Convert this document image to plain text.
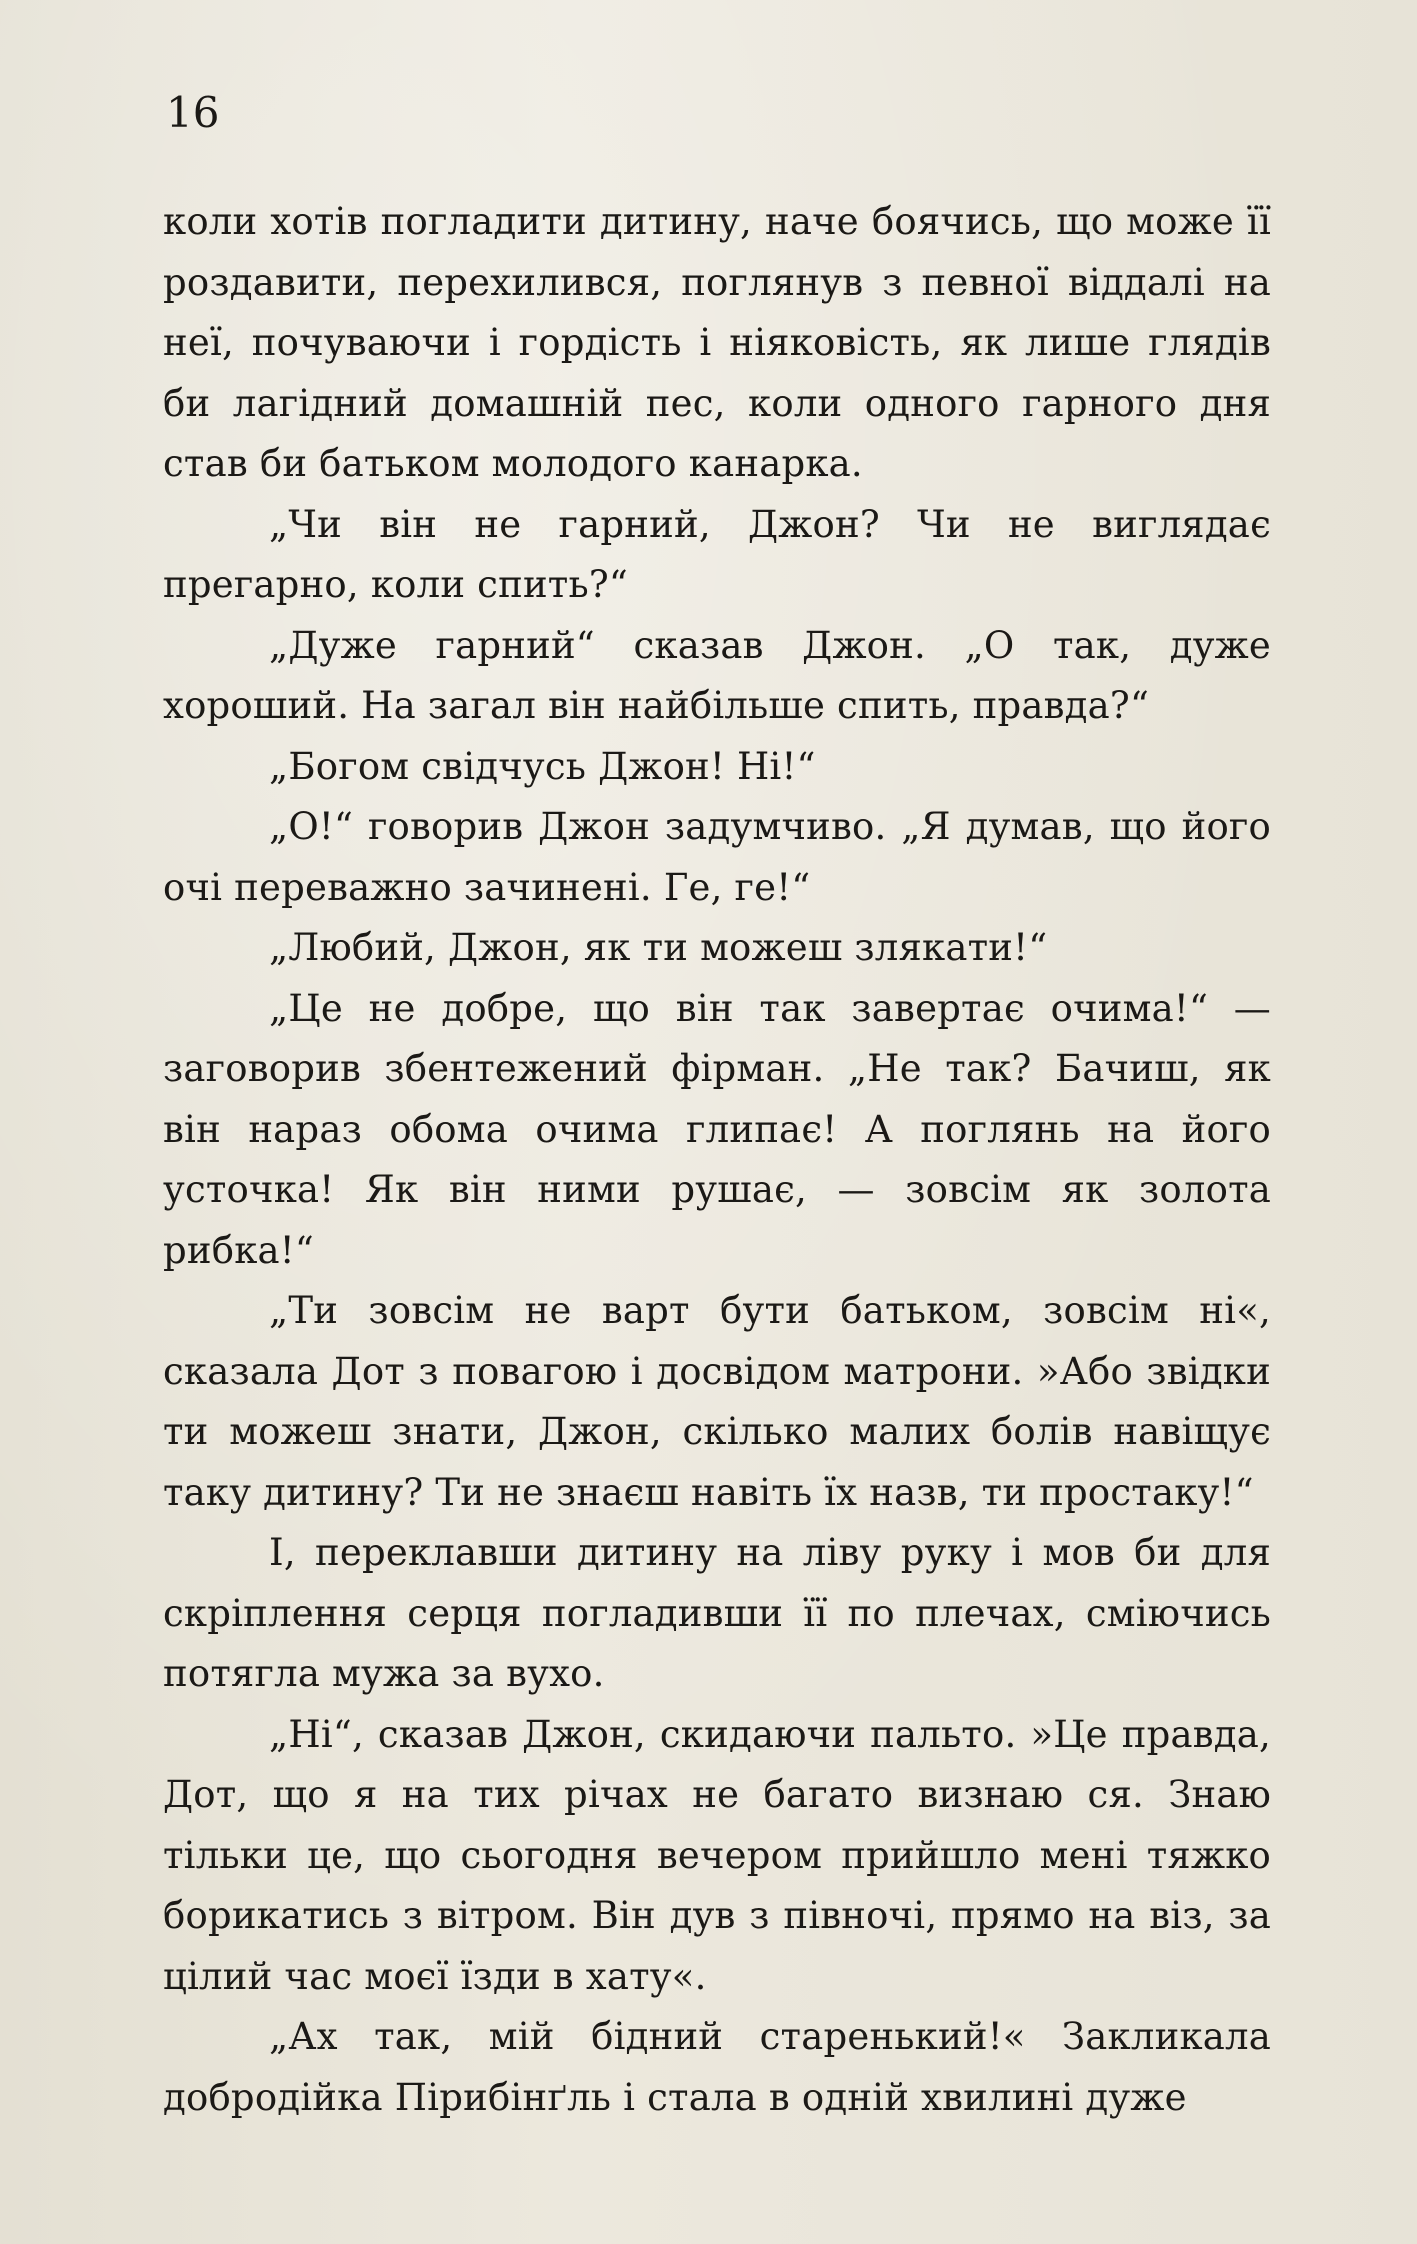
16

коли хотів погладити дитину, наче боячись, що може її роздавити, перехилився, поглянув з певної віддалі на неї, почуваючи і гордість і ніяковість, як лише глядів би лагідний домашній пес, коли одного гарного дня став би батьком молодого канарка.

„Чи він не гарний, Джон? Чи не виглядає прегарно, коли спить?“

„Дуже гарний“ сказав Джон. „О так, дуже хороший. На загал він найбільше спить, правда?“

„Богом свідчусь Джон! Ні!“

„О!“ говорив Джон задумчиво. „Я думав, що його очі переважно зачинені. Ге, ге!“

„Любий, Джон, як ти можеш злякати!“

„Це не добре, що він так завертає очима!“ — заговорив збентежений фірман. „Не так? Бачиш, як він нараз обома очима глипає! А поглянь на його усточка! Як він ними рушає, — зовсім як золота рибка!“

„Ти зовсім не варт бути батьком, зовсім ні«, сказала Дот з повагою і досвідом матрони. »Або звідки ти можеш знати, Джон, скілько малих болів навіщує таку дитину? Ти не знаєш навіть їх назв, ти простаку!“

І, переклавши дитину на ліву руку і мов би для скріплення серця погладивши її по плечах, сміючись потягла мужа за вухо.

„Ні“, сказав Джон, скидаючи пальто. »Це правда, Дот, що я на тих річах не багато визнаю ся. Знаю тільки це, що сьогодня вечером прийшло мені тяжко борикатись з вітром. Він дув з півночі, прямо на віз, за цілий час моєї їзди в хату«.

„Ах так, мій бідний старенький!« Закликала добродійка Пірибінґль і стала в одній хвилині дуже
